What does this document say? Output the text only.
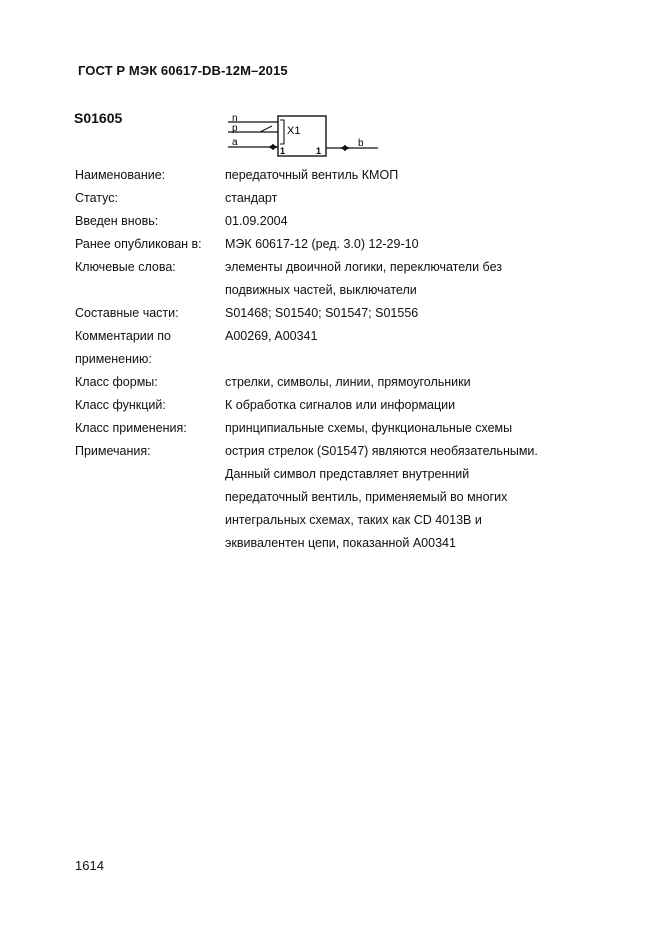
ГОСТ Р МЭК 60617-DB-12M–2015
S01605	n
p
a	b
X1
1	1
Наименование:	передаточный вентиль КМОП
Статус:	стандарт
Введен вновь:	01.09.2004
Ранее опубликован в:	МЭК 60617-12 (ред. 3.0) 12-29-10
Ключевые слова:	элементы двоичной логики, переключатели без
подвижных частей, выключатели
Составные части:	S01468; S01540; S01547; S01556
Комментарии по применению:
A00269, A00341
Класс формы:	стрелки, символы, линии, прямоугольники
Класс функций:	К обработка сигналов или информации
Класс применения:	принципиальные схемы, функциональные схемы
Примечания:	острия стрелок (S01547) являются необязательными.
Данный символ представляет внутренний
передаточный вентиль, применяемый во многих
интегральных схемах, таких как CD 4013B и
эквивалентен цепи, показанной A00341
1614
